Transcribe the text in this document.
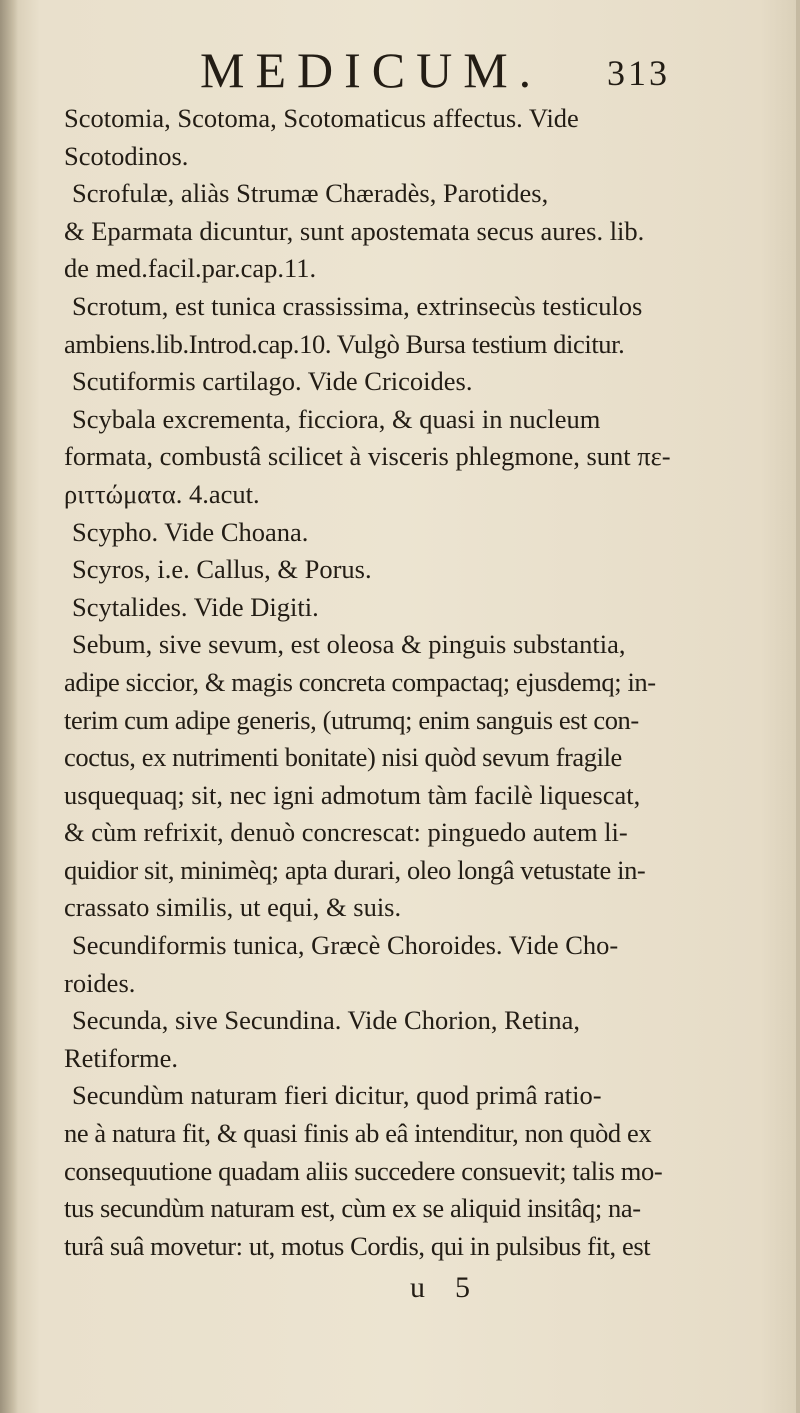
MEDICUM. 313
Scotomia, Scotoma, Scotomaticus affectus. Vide
Scotodinos.
Scrofulæ, aliàs Strumæ Chæradès, Parotides,
& Eparmata dicuntur, sunt apostemata secus aures. lib.
de med.facil.par.cap.11.
Scrotum, est tunica crassissima, extrinsecùs testiculos
ambiens.lib.Introd.cap.10. Vulgò Bursa testium dicitur.
Scutiformis cartilago. Vide Cricoides.
Scybala excrementa, ficciora, & quasi in nucleum
formata, combustâ scilicet à visceris phlegmone, sunt πε-
ριττώματα. 4.acut.
Scypho. Vide Choana.
Scyros, i.e. Callus, & Porus.
Scytalides. Vide Digiti.
Sebum, sive sevum, est oleosa & pinguis substantia,
adipe siccior, & magis concreta compactaq; ejusdemq; in-
terim cum adipe generis, (utrumq; enim sanguis est con-
coctus, ex nutrimenti bonitate) nisi quòd sevum fragile
usquequaq; sit, nec igni admotum tàm facilè liquescat,
& cùm refrixit, denuò concrescat: pinguedo autem li-
quidior sit, minimèq; apta durari, oleo longâ vetustate in-
crassato similis, ut equi, & suis.
Secundiformis tunica, Græcè Choroides. Vide Cho-
roides.
Secunda, sive Secundina. Vide Chorion, Retina,
Retiforme.
Secundùm naturam fieri dicitur, quod primâ ratio-
ne à natura fit, & quasi finis ab eâ intenditur, non quòd ex
consequutione quadam aliis succedere consuevit; talis mo-
tus secundùm naturam est, cùm ex se aliquid insitâq; na-
turâ suâ movetur: ut, motus Cordis, qui in pulsibus fit, est
u 5
